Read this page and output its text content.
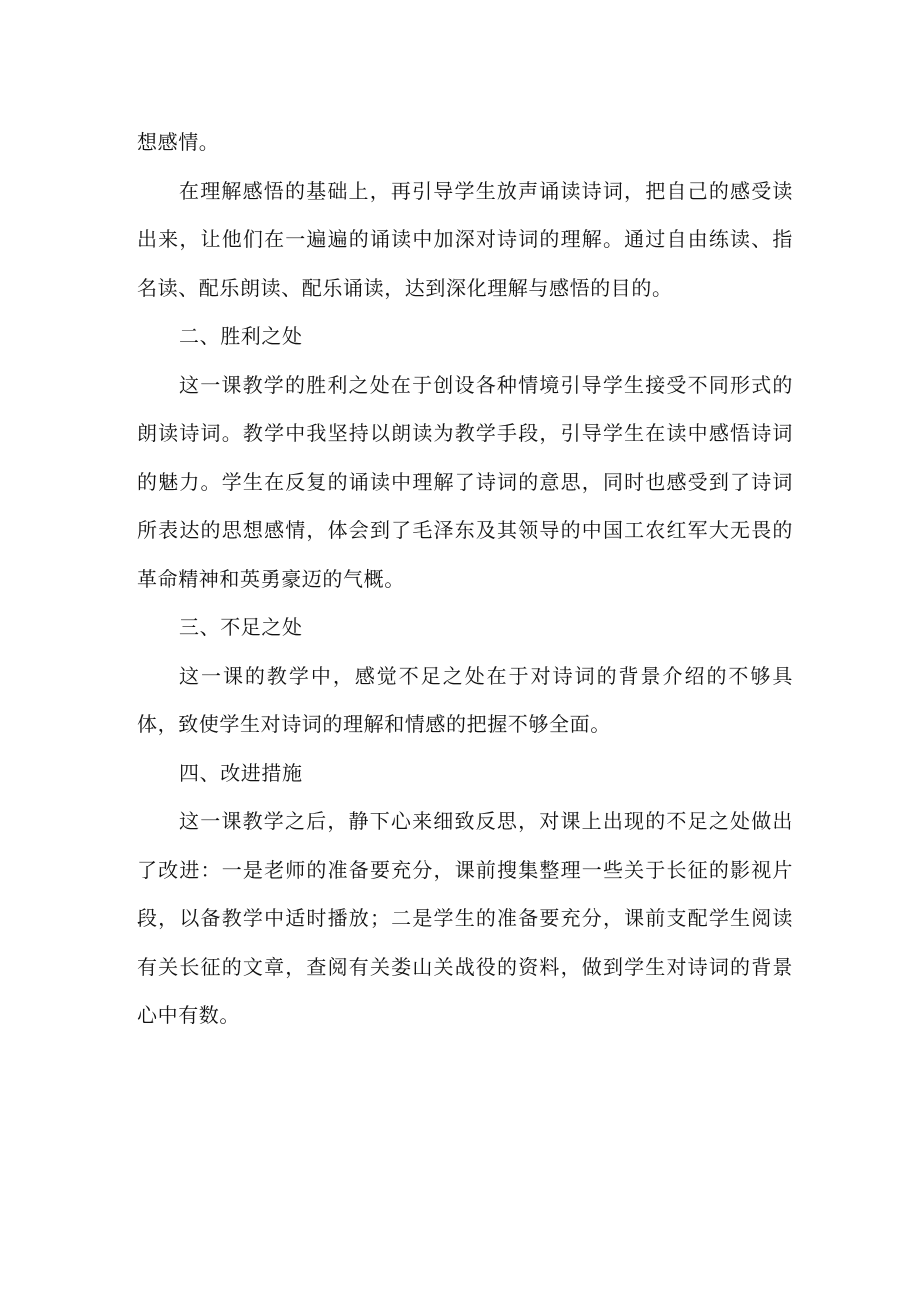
想感情。

在理解感悟的基础上，再引导学生放声诵读诗词，把自己的感受读出来，让他们在一遍遍的诵读中加深对诗词的理解。通过自由练读、指名读、配乐朗读、配乐诵读，达到深化理解与感悟的目的。

二、胜利之处

这一课教学的胜利之处在于创设各种情境引导学生接受不同形式的朗读诗词。教学中我坚持以朗读为教学手段，引导学生在读中感悟诗词的魅力。学生在反复的诵读中理解了诗词的意思，同时也感受到了诗词所表达的思想感情，体会到了毛泽东及其领导的中国工农红军大无畏的革命精神和英勇豪迈的气概。

三、不足之处

这一课的教学中，感觉不足之处在于对诗词的背景介绍的不够具体，致使学生对诗词的理解和情感的把握不够全面。

四、改进措施

这一课教学之后，静下心来细致反思，对课上出现的不足之处做出了改进：一是老师的准备要充分，课前搜集整理一些关于长征的影视片段，以备教学中适时播放；二是学生的准备要充分，课前支配学生阅读有关长征的文章，查阅有关娄山关战役的资料，做到学生对诗词的背景心中有数。
